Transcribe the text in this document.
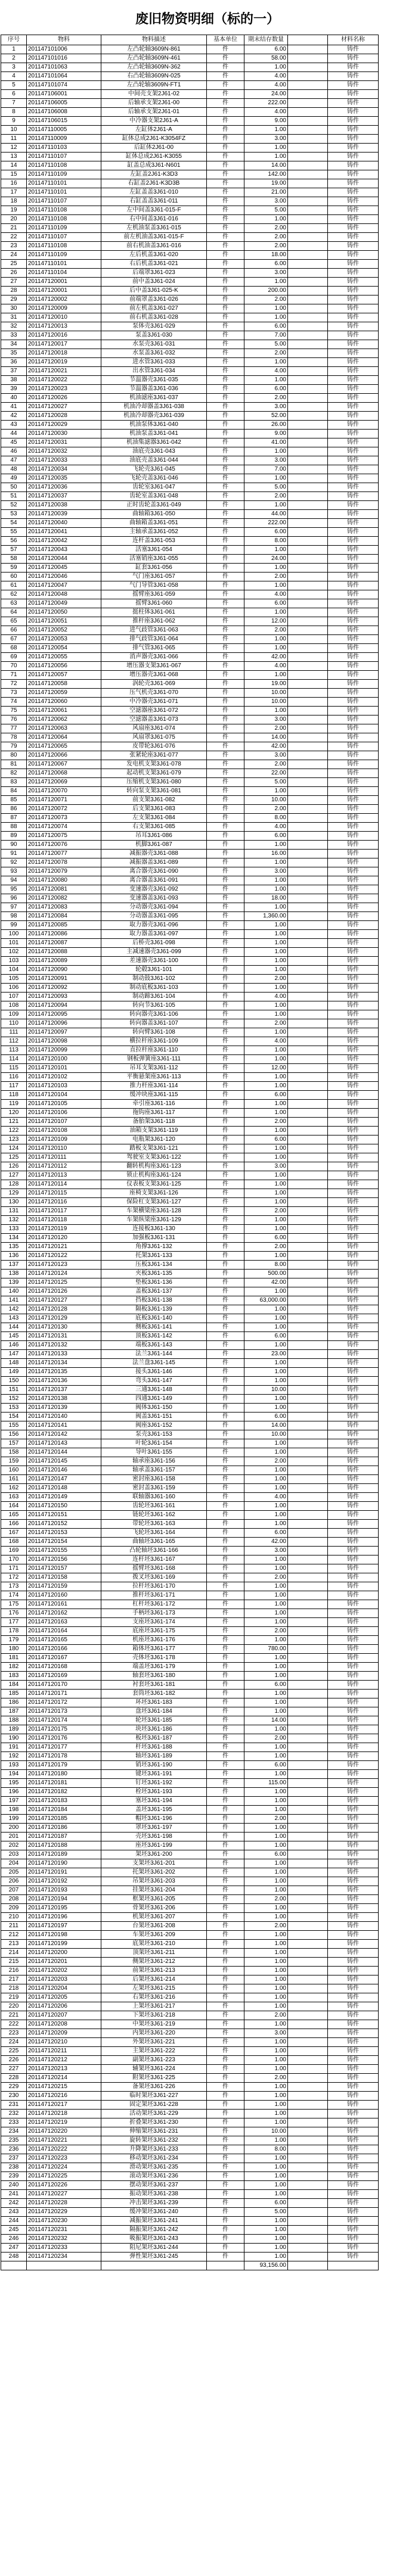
废旧物资明细（标的一）
序号	物料	物料描述	基本单位	期末结存数量		材料名称
1	201147101006	左凸轮轴3609N-861	件	6.00		铸件
2	201147101016	左凸轮轴3609N-461	件	58.00		铸件
3	201147101063	左凸轮轴3609N-362	件	1.00		铸件
4	201147101064	右凸轮轴3609N-025	件	4.00		铸件
5	201147101074	左凸轮轴3609N-FT1	件	4.00		铸件
6	201147106001	中间壳支架2J61-02	件	24.00		铸件
7	201147106005	后轴承支架2J61-00	件	222.00		铸件
8	201147106008	后轴承支架2J61-01	件	4.00		铸件
9	201147106015	中冷器支架2J61-A	件	9.00		铸件
10	201147110005	左缸体2J61-A	件	1.00		铸件
11	201147110009	缸体总成2J61-K3054FZ	件	3.00		铸件
12	201147110103	后缸体2J61-00	件	1.00		铸件
13	201147110107	缸体总成2J61-K3055	件	1.00		铸件
14	201147110108	缸盖总成3J61-N601	件	14.00		铸件
15	201147110109	左缸盖2J61-K3D3	件	142.00		铸件
16	201147110101	右缸盖2J61-K3D3B	件	19.00		铸件
17	201147110101	左缸盖盖3J61-010	件	21.00		铸件
18	201147110107	右缸盖盖3J61-011	件	3.00		铸件
19	201147110108	左中间盖3J61-015-F	件	5.00		铸件
20	201147110108	右中间盖3J61-016	件	1.00		铸件
21	201147110109	左机油泵盖3J61-015	件	2.00		铸件
22	201147110107	前左机油盖3J61-015-F	件	2.00		铸件
23	201147110108	前右机油盖3J61-016	件	2.00		铸件
24	201147110109	左后机盖3J61-020	件	18.00		铸件
25	201147110101	右后机盖3J61-021	件	6.00		铸件
26	201147110104	后端罩3J61-023	件	3.00		铸件
27	201147120001	前中盖3J61-024	件	1.00		铸件
28	201147120001	后中盖3J61-025-K	件	200.00		铸件
29	201147120002	前端罩盖3J61-026	件	2.00		铸件
30	201147120009	前左机盖3J61-027	件	1.00		铸件
31	201147120010	前右机盖3J61-028	件	1.00		铸件
32	201147120013	泵体壳3J61-029	件	6.00		铸件
33	201147120016	泵盖3J61-030	件	7.00		铸件
34	201147120017	水泵壳3J61-031	件	5.00		铸件
35	201147120018	水泵盖3J61-032	件	2.00		铸件
36	201147120019	进水管3J61-033	件	1.00		铸件
37	201147120021	出水管3J61-034	件	4.00		铸件
38	201147120022	节温器壳3J61-035	件	1.00		铸件
39	201147120023	节温器盖3J61-036	件	6.00		铸件
40	201147120026	机油滤座3J61-037	件	2.00		铸件
41	201147120027	机油冷却器盖3J61-038	件	3.00		铸件
42	201147120028	机油冷却器壳3J61-039	件	52.00		铸件
43	201147120029	机油泵体3J61-040	件	26.00		铸件
44	201147120030	机油泵盖3J61-041	件	9.00		铸件
45	201147120031	机油集滤器3J61-042	件	41.00		铸件
46	201147120032	油底壳3J61-043	件	1.00		铸件
47	201147120033	油底壳盖3J61-044	件	3.00		铸件
48	201147120034	飞轮壳3J61-045	件	7.00		铸件
49	201147120035	飞轮壳盖3J61-046	件	1.00		铸件
50	201147120036	齿轮室3J61-047	件	5.00		铸件
51	201147120037	齿轮室盖3J61-048	件	2.00		铸件
52	201147120038	正时齿轮盖3J61-049	件	1.00		铸件
53	201147120039	曲轴箱3J61-050	件	44.00		铸件
54	201147120040	曲轴箱盖3J61-051	件	222.00		铸件
55	201147120041	主轴承盖3J61-052	件	6.00		铸件
56	201147120042	连杆盖3J61-053	件	8.00		铸件
57	201147120043	活塞3J61-054	件	1.00		铸件
58	201147120044	活塞销座3J61-055	件	24.00		铸件
59	201147120045	缸套3J61-056	件	1.00		铸件
60	201147120046	气门座3J61-057	件	2.00		铸件
61	201147120047	气门导管3J61-058	件	1.00		铸件
62	201147120048	摇臂座3J61-059	件	4.00		铸件
63	201147120049	摇臂3J61-060	件	6.00		铸件
64	201147120050	挺柱体3J61-061	件	1.00		铸件
65	201147120051	推杆座3J61-062	件	12.00		铸件
66	201147120052	进气歧管3J61-063	件	2.00		铸件
67	201147120053	排气歧管3J61-064	件	1.00		铸件
68	201147120054	排气管3J61-065	件	1.00		铸件
69	201147120055	消声器壳3J61-066	件	42.00		铸件
70	201147120056	增压器支架3J61-067	件	4.00		铸件
71	201147120057	增压器壳3J61-068	件	1.00		铸件
72	201147120058	涡轮壳3J61-069	件	19.00		铸件
73	201147120059	压气机壳3J61-070	件	10.00		铸件
74	201147120060	中冷器壳3J61-071	件	10.00		铸件
75	201147120061	空滤器座3J61-072	件	1.00		铸件
76	201147120062	空滤器盖3J61-073	件	3.00		铸件
77	201147120063	风扇座3J61-074	件	2.00		铸件
78	201147120064	风扇罩3J61-075	件	14.00		铸件
79	201147120065	皮带轮3J61-076	件	42.00		铸件
80	201147120066	张紧轮座3J61-077	件	3.00		铸件
81	201147120067	发电机支架3J61-078	件	2.00		铸件
82	201147120068	起动机支架3J61-079	件	22.00		铸件
83	201147120069	压缩机支架3J61-080	件	5.00		铸件
84	201147120070	转向泵支架3J61-081	件	1.00		铸件
85	201147120071	前支架3J61-082	件	10.00		铸件
86	201147120072	后支架3J61-083	件	2.00		铸件
87	201147120073	左支架3J61-084	件	8.00		铸件
88	201147120074	右支架3J61-085	件	4.00		铸件
89	201147120075	吊耳3J61-086	件	6.00		铸件
90	201147120076	机脚3J61-087	件	1.00		铸件
91	201147120077	减振器壳3J61-088	件	16.00		铸件
92	201147120078	减振器盖3J61-089	件	1.00		铸件
93	201147120079	离合器壳3J61-090	件	3.00		铸件
94	201147120080	离合器盖3J61-091	件	1.00		铸件
95	201147120081	变速器壳3J61-092	件	1.00		铸件
96	201147120082	变速器盖3J61-093	件	18.00		铸件
97	201147120083	分动器壳3J61-094	件	1.00		铸件
98	201147120084	分动器盖3J61-095	件	1,360.00		铸件
99	201147120085	取力器壳3J61-096	件	1.00		铸件
100	201147120086	取力器盖3J61-097	件	1.00		铸件
101	201147120087	后桥壳3J61-098	件	1.00		铸件
102	201147120088	主减速器壳3J61-099	件	1.00		铸件
103	201147120089	差速器壳3J61-100	件	1.00		铸件
104	201147120090	轮毂3J61-101	件	1.00		铸件
105	201147120091	制动鼓3J61-102	件	2.00		铸件
106	201147120092	制动底板3J61-103	件	1.00		铸件
107	201147120093	制动蹄3J61-104	件	4.00		铸件
108	201147120094	转向节3J61-105	件	1.00		铸件
109	201147120095	转向器壳3J61-106	件	1.00		铸件
110	201147120096	转向器盖3J61-107	件	2.00		铸件
111	201147120097	转向臂3J61-108	件	1.00		铸件
112	201147120098	横拉杆座3J61-109	件	4.00		铸件
113	201147120099	直拉杆座3J61-110	件	1.00		铸件
114	201147120100	钢板弹簧座3J61-111	件	1.00		铸件
115	201147120101	吊耳支架3J61-112	件	12.00		铸件
116	201147120102	平衡悬架座3J61-113	件	1.00		铸件
117	201147120103	推力杆座3J61-114	件	1.00		铸件
118	201147120104	缓冲块座3J61-115	件	6.00		铸件
119	201147120105	牵引座3J61-116	件	1.00		铸件
120	201147120106	拖钩座3J61-117	件	1.00		铸件
121	201147120107	备胎架3J61-118	件	2.00		铸件
122	201147120108	油箱支架3J61-119	件	1.00		铸件
123	201147120109	电瓶架3J61-120	件	6.00		铸件
124	201147120110	踏板支架3J61-121	件	1.00		铸件
125	201147120111	驾驶室支架3J61-122	件	1.00		铸件
126	201147120112	翻转机构座3J61-123	件	3.00		铸件
127	201147120113	锁止机构座3J61-124	件	1.00		铸件
128	201147120114	仪表板支架3J61-125	件	1.00		铸件
129	201147120115	座椅支架3J61-126	件	1.00		铸件
130	201147120116	保险杠支架3J61-127	件	1.00		铸件
131	201147120117	车架横梁座3J61-128	件	2.00		铸件
132	201147120118	车架纵梁座3J61-129	件	1.00		铸件
133	201147120119	连接板3J61-130	件	1.00		铸件
134	201147120120	加强板3J61-131	件	6.00		铸件
135	201147120121	角撑3J61-132	件	2.00		铸件
136	201147120122	托架3J61-133	件	1.00		铸件
137	201147120123	压板3J61-134	件	8.00		铸件
138	201147120124	夹板3J61-135	件	500.00		铸件
139	201147120125	垫板3J61-136	件	42.00		铸件
140	201147120126	盖板3J61-137	件	1.00		铸件
141	201147120127	挡板3J61-138	件	63,000.00		铸件
142	201147120128	隔板3J61-139	件	1.00		铸件
143	201147120129	底板3J61-140	件	1.00		铸件
144	201147120130	侧板3J61-141	件	1.00		铸件
145	201147120131	顶板3J61-142	件	6.00		铸件
146	201147120132	端板3J61-143	件	1.00		铸件
147	201147120133	法兰3J61-144	件	23.00		铸件
148	201147120134	法兰盘3J61-145	件	1.00		铸件
149	201147120135	接头3J61-146	件	1.00		铸件
150	201147120136	弯头3J61-147	件	1.00		铸件
151	201147120137	三通3J61-148	件	10.00		铸件
152	201147120138	四通3J61-149	件	1.00		铸件
153	201147120139	阀体3J61-150	件	1.00		铸件
154	201147120140	阀盖3J61-151	件	6.00		铸件
155	201147120141	阀座3J61-152	件	14.00		铸件
156	201147120142	泵壳3J61-153	件	10.00		铸件
157	201147120143	叶轮3J61-154	件	1.00		铸件
158	201147120144	导叶3J61-155	件	1.00		铸件
159	201147120145	轴承座3J61-156	件	2.00		铸件
160	201147120146	轴承盖3J61-157	件	1.00		铸件
161	201147120147	密封座3J61-158	件	1.00		铸件
162	201147120148	密封盖3J61-159	件	1.00		铸件
163	201147120149	联轴器3J61-160	件	4.00		铸件
164	201147120150	齿轮坯3J61-161	件	1.00		铸件
165	201147120151	链轮坯3J61-162	件	1.00		铸件
166	201147120152	带轮坯3J61-163	件	1.00		铸件
167	201147120153	飞轮坯3J61-164	件	6.00		铸件
168	201147120154	曲轴坯3J61-165	件	42.00		铸件
169	201147120155	凸轮轴坯3J61-166	件	3.00		铸件
170	201147120156	连杆坯3J61-167	件	1.00		铸件
171	201147120157	摇臂坯3J61-168	件	1.00		铸件
172	201147120158	拨叉坯3J61-169	件	2.00		铸件
173	201147120159	拉杆坯3J61-170	件	1.00		铸件
174	201147120160	推杆坯3J61-171	件	1.00		铸件
175	201147120161	杠杆坯3J61-172	件	1.00		铸件
176	201147120162	手柄坯3J61-173	件	1.00		铸件
177	201147120163	支座坯3J61-174	件	1.00		铸件
178	201147120164	底座坯3J61-175	件	2.00		铸件
179	201147120165	机座坯3J61-176	件	1.00		铸件
180	201147120166	箱体坯3J61-177	件	780.00		铸件
181	201147120167	壳体坯3J61-178	件	1.00		铸件
182	201147120168	端盖坯3J61-179	件	1.00		铸件
183	201147120169	轴套坯3J61-180	件	1.00		铸件
184	201147120170	衬套坯3J61-181	件	6.00		铸件
185	201147120171	套筒坯3J61-182	件	1.00		铸件
186	201147120172	环坯3J61-183	件	1.00		铸件
187	201147120173	盘坯3J61-184	件	1.00		铸件
188	201147120174	轮坯3J61-185	件	14.00		铸件
189	201147120175	块坯3J61-186	件	1.00		铸件
190	201147120176	板坯3J61-187	件	2.00		铸件
191	201147120177	杆坯3J61-188	件	1.00		铸件
192	201147120178	轴坯3J61-189	件	1.00		铸件
193	201147120179	销坯3J61-190	件	6.00		铸件
194	201147120180	键坯3J61-191	件	1.00		铸件
195	201147120181	钉坯3J61-192	件	115.00		铸件
196	201147120182	栓坯3J61-193	件	1.00		铸件
197	201147120183	塞坯3J61-194	件	1.00		铸件
198	201147120184	盖坯3J61-195	件	1.00		铸件
199	201147120185	帽坯3J61-196	件	2.00		铸件
200	201147120186	罩坯3J61-197	件	1.00		铸件
201	201147120187	壳坯3J61-198	件	1.00		铸件
202	201147120188	座坯3J61-199	件	1.00		铸件
203	201147120189	架坯3J61-200	件	6.00		铸件
204	201147120190	支架坯3J61-201	件	1.00		铸件
205	201147120191	托架坯3J61-202	件	1.00		铸件
206	201147120192	吊架坯3J61-203	件	1.00		铸件
207	201147120193	挂架坯3J61-204	件	1.00		铸件
208	201147120194	框架坯3J61-205	件	2.00		铸件
209	201147120195	骨架坯3J61-206	件	1.00		铸件
210	201147120196	机架坯3J61-207	件	1.00		铸件
211	201147120197	台架坯3J61-208	件	2.00		铸件
212	201147120198	车架坯3J61-209	件	1.00		铸件
213	201147120199	底架坯3J61-210	件	1.00		铸件
214	201147120200	顶架坯3J61-211	件	1.00		铸件
215	201147120201	侧架坯3J61-212	件	1.00		铸件
216	201147120202	前架坯3J61-213	件	1.00		铸件
217	201147120203	后架坯3J61-214	件	1.00		铸件
218	201147120204	左架坯3J61-215	件	1.00		铸件
219	201147120205	右架坯3J61-216	件	1.00		铸件
220	201147120206	上架坯3J61-217	件	1.00		铸件
221	201147120207	下架坯3J61-218	件	2.00		铸件
222	201147120208	中架坯3J61-219	件	1.00		铸件
223	201147120209	内架坯3J61-220	件	3.00		铸件
224	201147120210	外架坯3J61-221	件	1.00		铸件
225	201147120211	主架坯3J61-222	件	1.00		铸件
226	201147120212	副架坯3J61-223	件	1.00		铸件
227	201147120213	辅架坯3J61-224	件	1.00		铸件
228	201147120214	附架坯3J61-225	件	2.00		铸件
229	201147120215	备架坯3J61-226	件	1.00		铸件
230	201147120216	临时架坯3J61-227	件	1.00		铸件
231	201147120217	固定架坯3J61-228	件	1.00		铸件
232	201147120218	活动架坯3J61-229	件	1.00		铸件
233	201147120219	折叠架坯3J61-230	件	1.00		铸件
234	201147120220	伸缩架坯3J61-231	件	10.00		铸件
235	201147120221	旋转架坯3J61-232	件	1.00		铸件
236	201147120222	升降架坯3J61-233	件	8.00		铸件
237	201147120223	移动架坯3J61-234	件	1.00		铸件
238	201147120224	滑动架坯3J61-235	件	1.00		铸件
239	201147120225	滚动架坯3J61-236	件	1.00		铸件
240	201147120226	摆动架坯3J61-237	件	1.00		铸件
241	201147120227	振动架坯3J61-238	件	1.00		铸件
242	201147120228	冲击架坯3J61-239	件	6.00		铸件
243	201147120229	缓冲架坯3J61-240	件	5.00		铸件
244	201147120230	减振架坯3J61-241	件	1.00		铸件
245	201147120231	隔振架坯3J61-242	件	1.00		铸件
246	201147120232	吸振架坯3J61-243	件	1.00		铸件
247	201147120233	阻尼架坯3J61-244	件	1.00		铸件
248	201147120234	弹性架坯3J61-245	件	1.00		铸件
				93,156.00		
